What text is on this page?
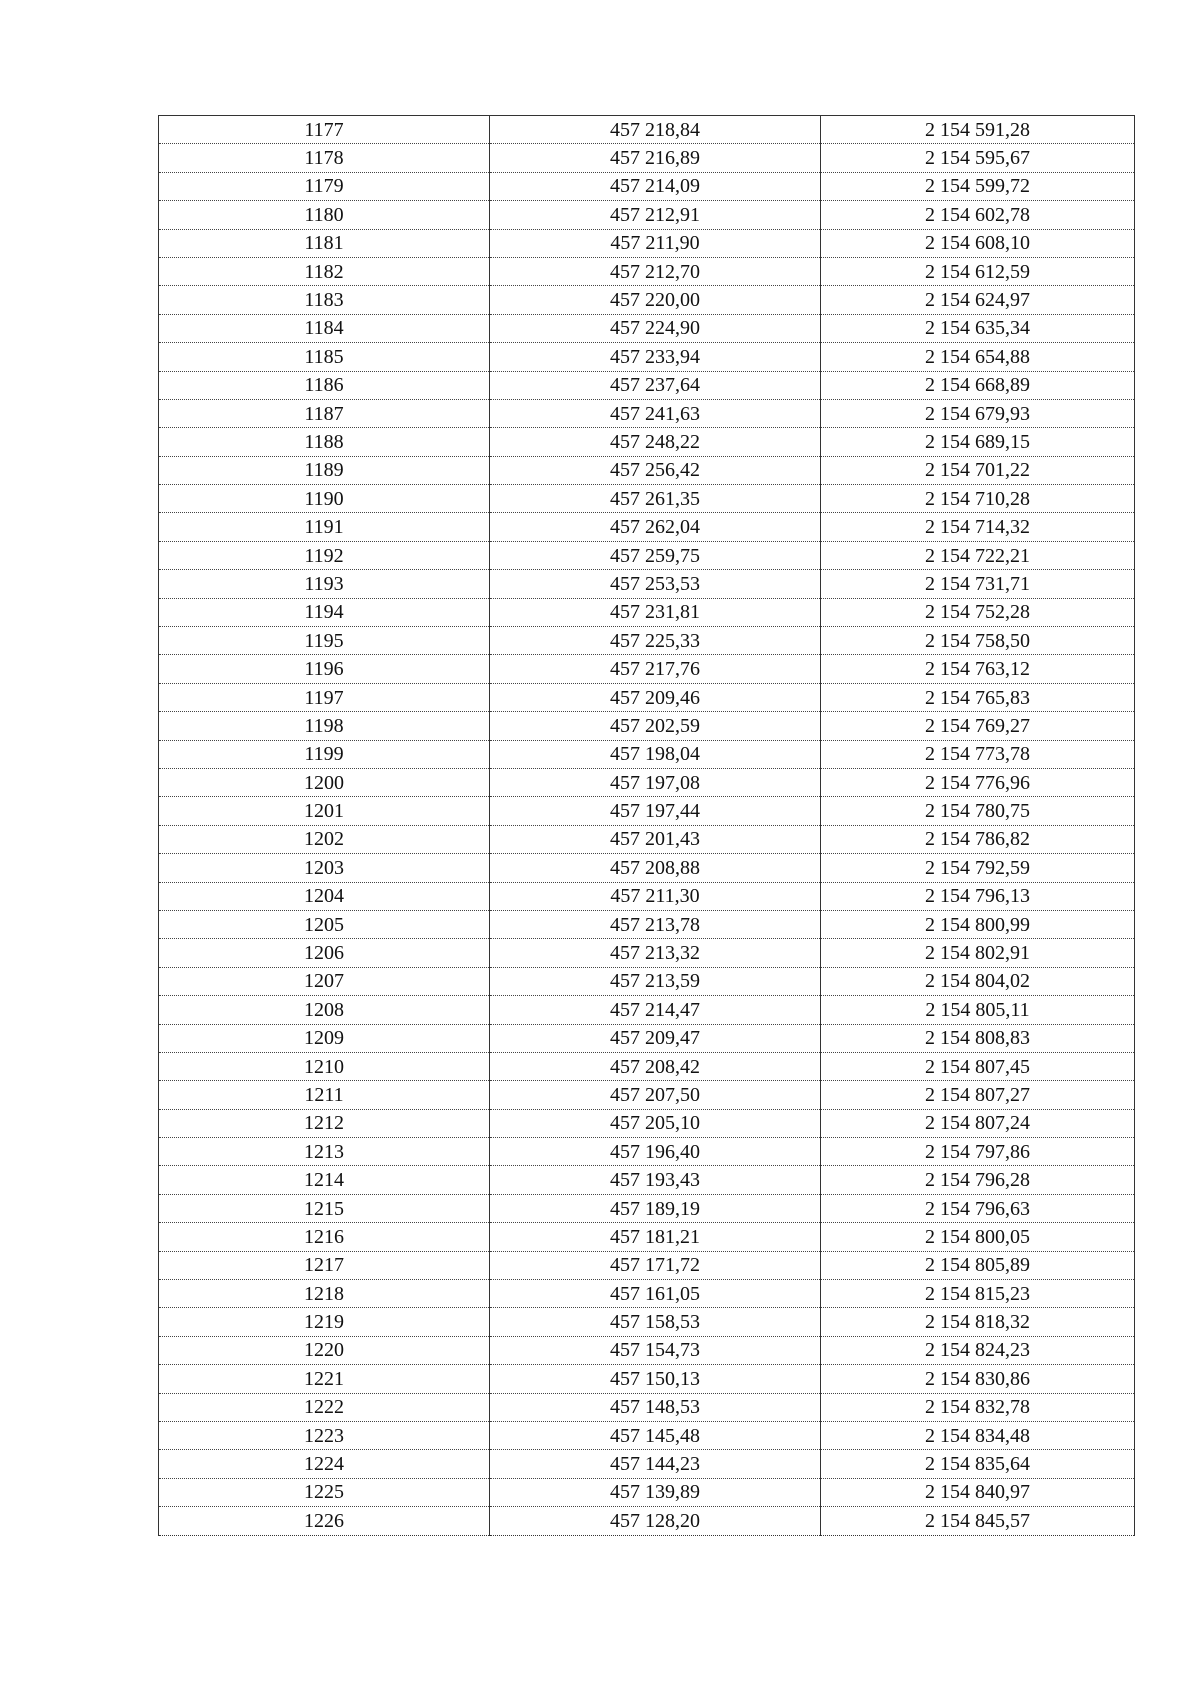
1177	457 218,84	2 154 591,28
1178	457 216,89	2 154 595,67
1179	457 214,09	2 154 599,72
1180	457 212,91	2 154 602,78
1181	457 211,90	2 154 608,10
1182	457 212,70	2 154 612,59
1183	457 220,00	2 154 624,97
1184	457 224,90	2 154 635,34
1185	457 233,94	2 154 654,88
1186	457 237,64	2 154 668,89
1187	457 241,63	2 154 679,93
1188	457 248,22	2 154 689,15
1189	457 256,42	2 154 701,22
1190	457 261,35	2 154 710,28
1191	457 262,04	2 154 714,32
1192	457 259,75	2 154 722,21
1193	457 253,53	2 154 731,71
1194	457 231,81	2 154 752,28
1195	457 225,33	2 154 758,50
1196	457 217,76	2 154 763,12
1197	457 209,46	2 154 765,83
1198	457 202,59	2 154 769,27
1199	457 198,04	2 154 773,78
1200	457 197,08	2 154 776,96
1201	457 197,44	2 154 780,75
1202	457 201,43	2 154 786,82
1203	457 208,88	2 154 792,59
1204	457 211,30	2 154 796,13
1205	457 213,78	2 154 800,99
1206	457 213,32	2 154 802,91
1207	457 213,59	2 154 804,02
1208	457 214,47	2 154 805,11
1209	457 209,47	2 154 808,83
1210	457 208,42	2 154 807,45
1211	457 207,50	2 154 807,27
1212	457 205,10	2 154 807,24
1213	457 196,40	2 154 797,86
1214	457 193,43	2 154 796,28
1215	457 189,19	2 154 796,63
1216	457 181,21	2 154 800,05
1217	457 171,72	2 154 805,89
1218	457 161,05	2 154 815,23
1219	457 158,53	2 154 818,32
1220	457 154,73	2 154 824,23
1221	457 150,13	2 154 830,86
1222	457 148,53	2 154 832,78
1223	457 145,48	2 154 834,48
1224	457 144,23	2 154 835,64
1225	457 139,89	2 154 840,97
1226	457 128,20	2 154 845,57
